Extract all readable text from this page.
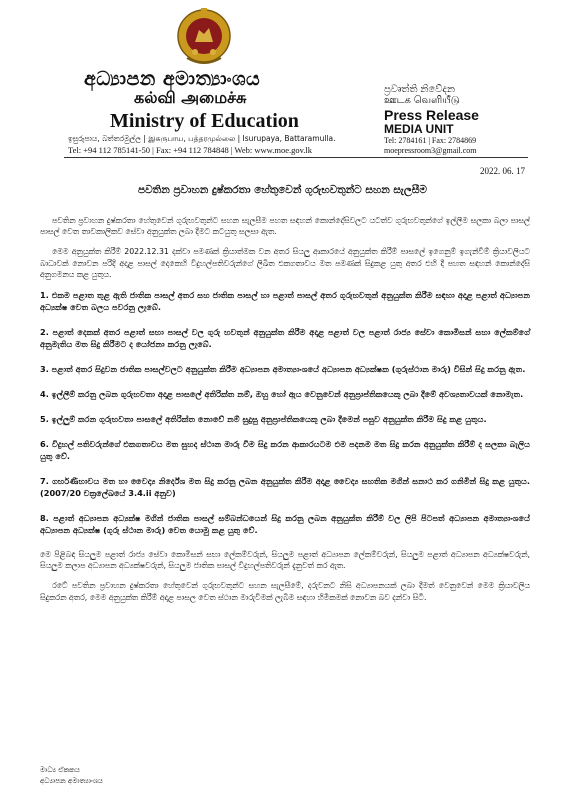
අධ්‍යාපන අමාත්‍යාංශය
கல்வி அமைச்சு
Ministry of Education
ඉසුරුපාය, බත්තරමුල්ල | இசுருபாய, பத்தரமுல்லை | Isurupaya, Battaramulla.
Tel: +94 112 785141-50 | Fax: +94 112 784848 | Web: www.moe.gov.lk
ප්‍රවෘත්ති නිවේදන
ஊடக வெளியீடு
Press Release
MEDIA UNIT
Tel: 2784161 | Fax: 2784869
moepressroom3@gmail.com
2022. 06. 17
පවතින ප්‍රවාහන දුෂ්කරතා හේතුවෙන් ගුරුභවතුන්ට සහන සැලසීම

පවතින ප්‍රවාහන දුෂ්කරතා හේතුවෙන් ගුරුභවතුන්ට සහන සැලසීම පහත සඳහන් කොන්දේසිවලට යටත්ව ගුරුභවතුන්ගේ ඉල්ලීම සලකා බලා පාසල් පාසල් වෙත තාවකාලිකව සේවා අනුයුක්ත ලබා දීමට කටයුතු සලසා ඇත.

මෙම අනුයුක්ත කිරීම් 2022.12.31 දක්වා පමණක් ක්‍රියාත්මක වන අතර සියලු ආකාරයේ අනුයුක්ත කිරීම් පාසලේ ඉගෙනුම් ඉගැන්වීම් ක්‍රියාවලියට බාධාවක් නොවන පරිදි අදාළ පාසල් දෙකෙහි විදුහල්පතිවරුන්ගේ ලිඛිත එකගතාවය මත පමණක් සිදුකළ යුතු අතර එහි දී පහත සඳහන් කොන්දේසි අනුගමනය කළ යුතුය.

1. එකම පළාත තුළ ඇති ජාතික පාසල් අතර සහ ජාතික පාසල් හා පළාත් පාසල් අතර ගුරුභවතුන් අනුයුක්ත කිරීම සඳහා අදාළ පළාත් අධ්‍යාපන අධ්‍යක්ෂ වෙත බලය පවරනු ලැබේ.

2. පළාත් දෙකක් අතර පළාත් සභා පාසල් වල ගුරු භවතුන් අනුයුක්ත කිරීම අදාළ පළාත් වල පළාත් රාජ්‍ය සේවා කොමිසන් සභා ලේකම්ගේ අනුමැතිය මත සිදු කිරීමට ද යෝජනා කරනු ලැබේ.

3. පළාත් අතර සිදුවන ජාතික පාසල්වලට අනුයුක්ත කිරීම අධ්‍යාපන අමාත්‍යාංශයේ අධ්‍යාපන අධ්‍යක්ෂක (ගුරුස්ථාන මාරු) විසින් සිදු කරනු ඇත.

4. ඉල්ලීම් කරනු ලබන ගුරුභවතා අදාළ පාසලේ අතිරික්ත නම්, ඔහු හෝ ඇය වෙනුවෙන් අනුප්‍රාප්තිකයෙකු ලබා දීමේ අවශ්‍යතාවයක් නොමැත.

5. ඉල්ලුම් කරන ගුරුභවතා පාසලේ අතිරික්ත නොවේ නම් සුදුසු අනුප්‍රාප්තිකයෙකු ලබා දීමෙන් පසුව අනුයුක්ත කිරීම සිදු කළ යුතුය.

6. විදුහල් පතිවරුන්ගේ එකගතාවය මත සුහද ස්ථාන මාරු වීම සිදු කරන ආකාරයටම එම පදනම මත සිදු කරන අනුයුක්ත කිරීම් ද සලකා බැලිය යුතු වේ.

7. ගර්භණීභාවය මත හා වෛද්‍ය නිර්දේශ මත සිදු කරනු ලබන අනුයුක්ත කිරීම අදාළ වෛද්‍ය සහතික මගින් සනාථ කර ගනිමින් සිදු කළ යුතුය. (2007/20 චක්‍රලේඛයේ 3.4.ii අනුව)

8. පළාත් අධ්‍යාපන අධ්‍යක්ෂ මගින් ජාතික පාසල් සම්බන්ධයෙන් සිදු කරනු ලබන අනුයුක්ත කිරීම් වල ලිපි පිටපත් අධ්‍යාපන අමාත්‍යාංශයේ අධ්‍යාපන අධ්‍යක්ෂ (ගුරු ස්ථාන මාරු) වෙත යොමු කළ යුතු වේ.

මෙ පිළිබඳ සියලුම පළාත් රාජ්‍ය සේවා කොමිසන් සභා ලේකම්වරුන්, සියලුම පළාත් අධ්‍යාපන ලේකම්වරුන්, සියලුම පළාත් අධ්‍යාපන අධ්‍යක්ෂවරුන්, සියලුම කලාප අධ්‍යාපන අධ්‍යක්ෂවරුන්, සියලුම ජාතික පාසල් විදුහල්පතිවරුන් දැනුවත් කර ඇත.

රටේ පවතින ප්‍රවාහන දුෂ්කරතා හේතුවෙන් ගුරුභවතුන්ට සහන සැලසීමේ, දරුවනට නිසි අධ්‍යාපනයක් ලබා දීමත් වෙනුවෙන් මෙම ක්‍රියාවලිය සිදුකරන අතර, මෙම අනුයුක්ත කිරීම් අදාළ පාසල වෙත ස්ථාන මාරුවීමක් ලැබීම සඳහා හිමිකමක් නොවන බව දන්වා සිටී.

මාධ්‍ය ඒකකය
අධ්‍යාපන අමාත්‍යාංශය
